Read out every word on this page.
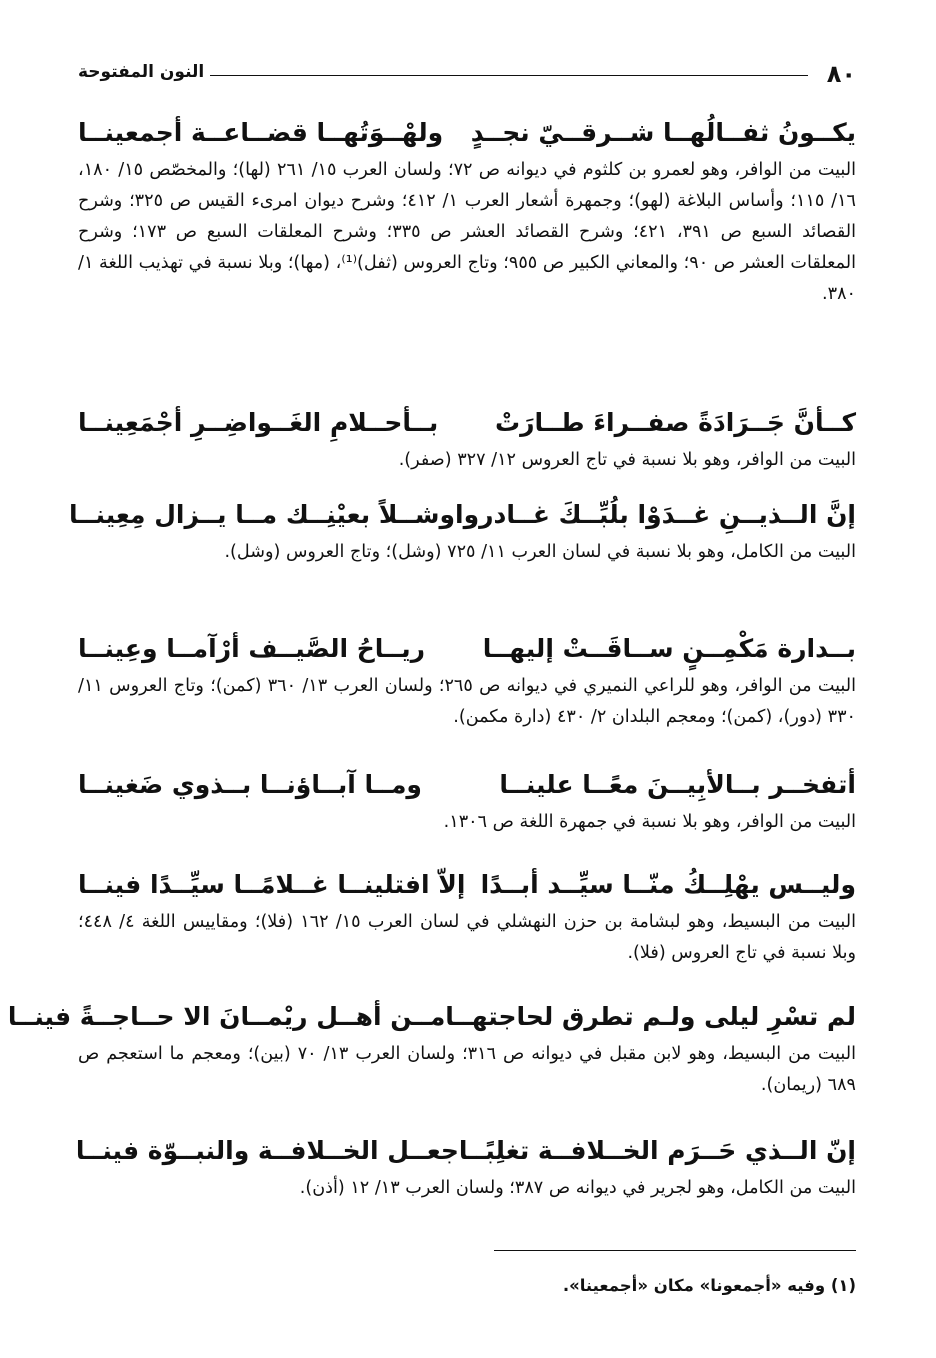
٨٠
النون المفتوحة
يكــونُ ثفــالُهــا شــرقــيّ نجــدٍ
ولهْــوَتُهــا قضــاعــة أجمعينــا
البيت من الوافر، وهو لعمرو بن كلثوم في ديوانه ص ٧٢؛ ولسان العرب ١٥/ ٢٦١ (لها)؛ والمخصّص ١٥/ ١٨٠، ١٦/ ١١٥؛ وأساس البلاغة (لهو)؛ وجمهرة أشعار العرب ١/ ٤١٢؛ وشرح ديوان امرىء القيس ص ٣٢٥؛ وشرح القصائد السبع ص ٣٩١، ٤٢١؛ وشرح القصائد العشر ص ٣٣٥؛ وشرح المعلقات السبع ص ١٧٣؛ وشرح المعلقات العشر ص ٩٠؛ والمعاني الكبير ص ٩٥٥؛ وتاج العروس (ثفل)⁽¹⁾، (مها)؛ وبلا نسبة في تهذيب اللغة ١/ ٣٨٠.
كــأنَّ جَــرَادَةً صفــراءَ طــارَتْ
بــأحــلامِ الغَــواضِــرِ أجْمَعِينــا
البيت من الوافر، وهو بلا نسبة في تاج العروس ١٢/ ٣٢٧ (صفر).
إنَّ الــذيــنِ غــدَوْا بلُبِّــكَ غــادروا
وشــلاً بعيْنِــك مــا يــزال مِعِينــا
البيت من الكامل، وهو بلا نسبة في لسان العرب ١١/ ٧٢٥ (وشل)؛ وتاج العروس (وشل).
بــدارة مَكْمِــنٍ ســاقَــتْ إليهــا
ريــاحُ الصَّيــف أرْآمــا وعِينــا
البيت من الوافر، وهو للراعي النميري في ديوانه ص ٢٦٥؛ ولسان العرب ١٣/ ٣٦٠ (كمن)؛ وتاج العروس ١١/ ٣٣٠ (دور)، (كمن)؛ ومعجم البلدان ٢/ ٤٣٠ (دارة مكمن).
أتفخــر بــالأبِيــنَ معًــا علينــا
ومــا آبــاؤنــا بــذوي ضَغينــا
البيت من الوافر، وهو بلا نسبة في جمهرة اللغة ص ١٣٠٦.
وليــس يهْلِــكُ منّــا سيِّــد أبــدًا
إلاّ افتلينــا غــلامًــا سيِّــدًا فينــا
البيت من البسيط، وهو لبشامة بن حزن النهشلي في لسان العرب ١٥/ ١٦٢ (فلا)؛ ومقاييس اللغة ٤/ ٤٤٨؛ وبلا نسبة في تاج العروس (فلا).
لم تسْرِ ليلى ولـم تطرق لحاجتهــا
مــن أهــل ريْمــانَ الا حــاجــةً فينــا
البيت من البسيط، وهو لابن مقبل في ديوانه ص ٣١٦؛ ولسان العرب ١٣/ ٧٠ (بين)؛ ومعجم ما استعجم ص ٦٨٩ (ريمان).
إنّ الــذي حَــرَم الخــلافــة تغلِبًــا
جعــل الخــلافــة والنبــوّة فينــا
البيت من الكامل، وهو لجرير في ديوانه ص ٣٨٧؛ ولسان العرب ١٣/ ١٢ (أذن).
(١) وفيه «أجمعونا» مكان «أجمعينا».
